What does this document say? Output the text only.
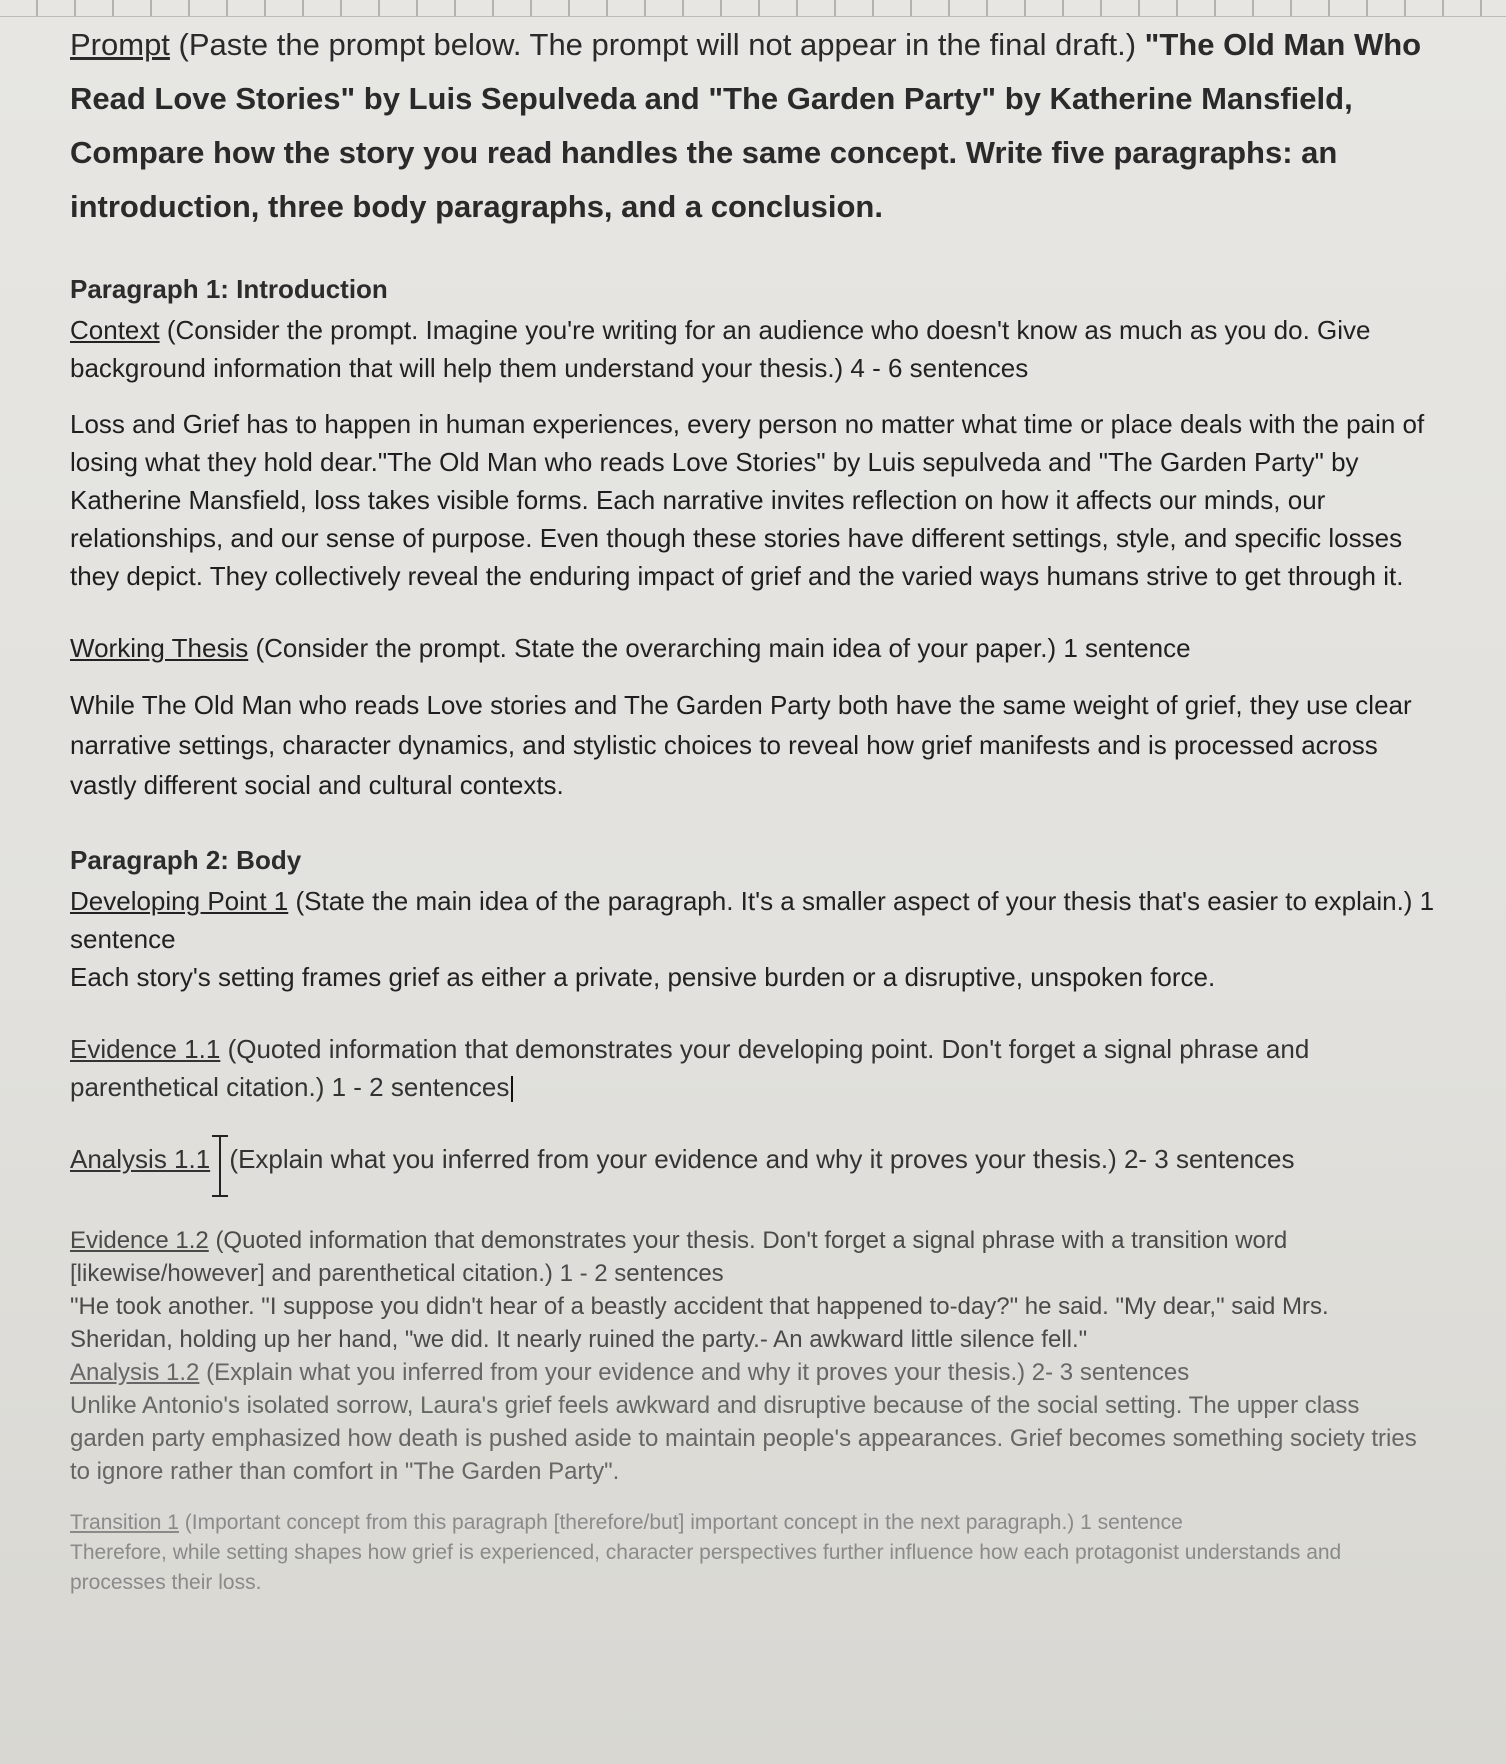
Prompt (Paste the prompt below. The prompt will not appear in the final draft.) "The Old Man Who Read Love Stories" by Luis Sepulveda and "The Garden Party" by Katherine Mansfield, Compare how the story you read handles the same concept. Write five paragraphs: an introduction, three body paragraphs, and a conclusion.
Paragraph 1: Introduction
Context (Consider the prompt. Imagine you're writing for an audience who doesn't know as much as you do. Give background information that will help them understand your thesis.) 4 - 6 sentences
Loss and Grief has to happen in human experiences, every person no matter what time or place deals with the pain of losing what they hold dear."The Old Man who reads Love Stories" by Luis sepulveda and "The Garden Party" by Katherine Mansfield, loss takes visible forms. Each narrative invites reflection on how it affects our minds, our relationships, and our sense of purpose. Even though these stories have different settings, style, and specific losses they depict. They collectively reveal the enduring impact of grief and the varied ways humans strive to get through it.
Working Thesis (Consider the prompt. State the overarching main idea of your paper.) 1 sentence
While The Old Man who reads Love stories and The Garden Party both have the same weight of grief, they use clear narrative settings, character dynamics, and stylistic choices to reveal how grief manifests and is processed across vastly different social and cultural contexts.
Paragraph 2: Body
Developing Point 1 (State the main idea of the paragraph. It's a smaller aspect of your thesis that's easier to explain.) 1 sentence
Each story's setting frames grief as either a private, pensive burden or a disruptive, unspoken force.
Evidence 1.1 (Quoted information that demonstrates your developing point. Don't forget a signal phrase and parenthetical citation.) 1 - 2 sentences
Analysis 1.1 (Explain what you inferred from your evidence and why it proves your thesis.) 2- 3 sentences
Evidence 1.2 (Quoted information that demonstrates your thesis. Don't forget a signal phrase with a transition word [likewise/however] and parenthetical citation.) 1 - 2 sentences
"He took another. "I suppose you didn't hear of a beastly accident that happened to-day?" he said. "My dear," said Mrs. Sheridan, holding up her hand, "we did. It nearly ruined the party.- An awkward little silence fell."
Analysis 1.2 (Explain what you inferred from your evidence and why it proves your thesis.) 2- 3 sentences
Unlike Antonio's isolated sorrow, Laura's grief feels awkward and disruptive because of the social setting. The upper class garden party emphasized how death is pushed aside to maintain people's appearances. Grief becomes something society tries to ignore rather than comfort in "The Garden Party".
Transition 1 (Important concept from this paragraph [therefore/but] important concept in the next paragraph.) 1 sentence
Therefore, while setting shapes how grief is experienced, character perspectives further influence how each protagonist understands and processes their loss.
